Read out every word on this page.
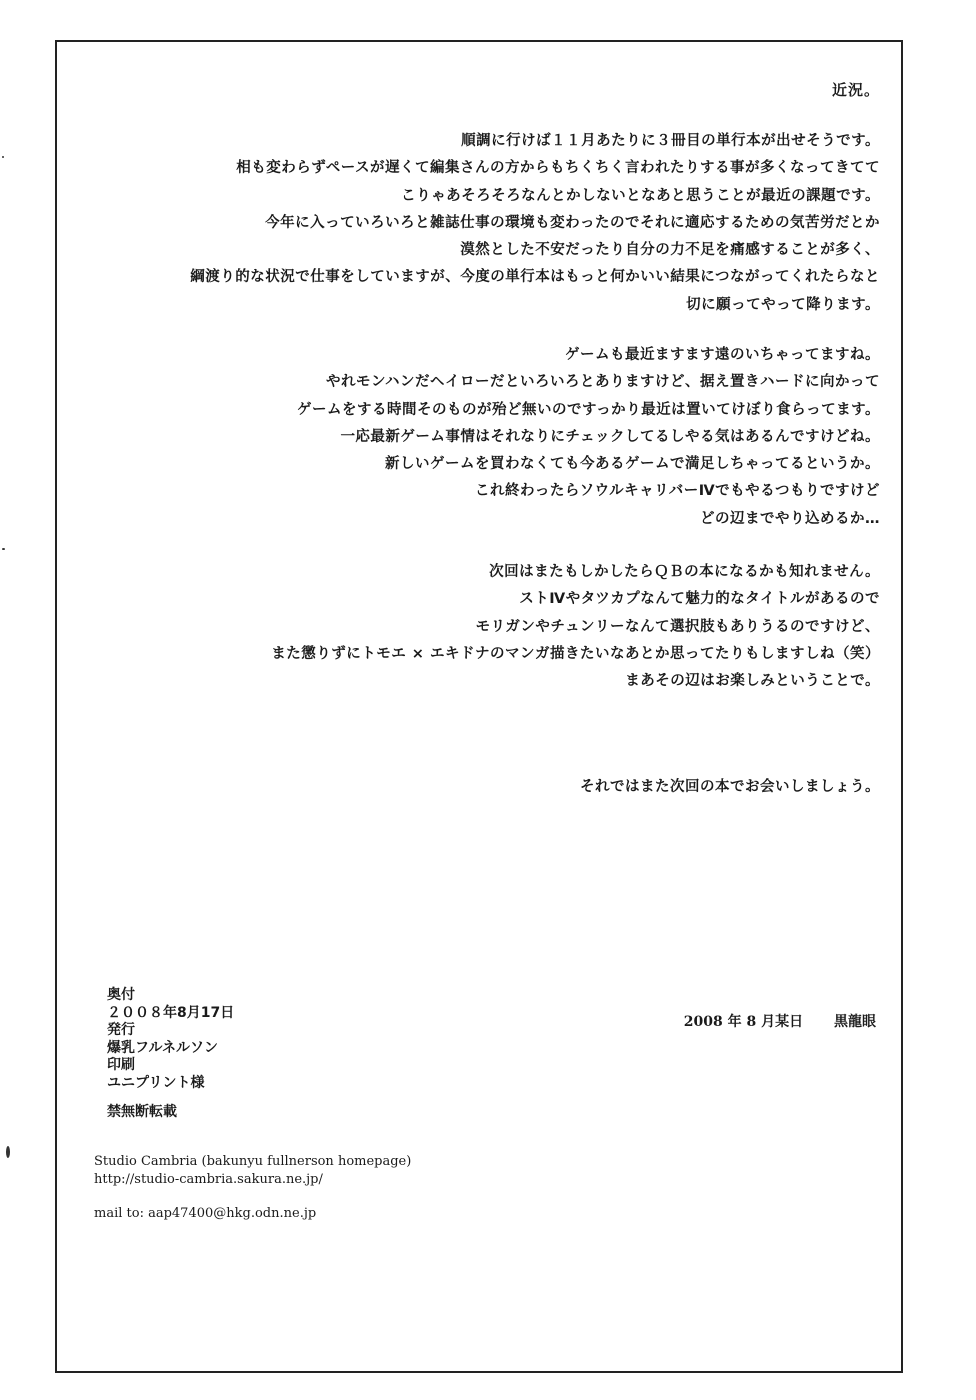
近況。
順調に行けば１１月あたりに３冊目の単行本が出せそうです。
相も変わらずペースが遅くて編集さんの方からもちくちく言われたりする事が多くなってきてて
こりゃあそろそろなんとかしないとなあと思うことが最近の課題です。
今年に入っていろいろと雑誌仕事の環境も変わったのでそれに適応するための気苦労だとか
漠然とした不安だったり自分の力不足を痛感することが多く、
綱渡り的な状況で仕事をしていますが、今度の単行本はもっと何かいい結果につながってくれたらなと
切に願ってやって降ります。
ゲームも最近ますます遠のいちゃってますね。
やれモンハンだヘイローだといろいろとありますけど、据え置きハードに向かって
ゲームをする時間そのものが殆ど無いのですっかり最近は置いてけぼり食らってます。
一応最新ゲーム事情はそれなりにチェックしてるしやる気はあるんですけどね。
新しいゲームを買わなくても今あるゲームで満足しちゃってるというか。
これ終わったらソウルキャリバーⅣでもやるつもりですけど
どの辺までやり込めるか…
次回はまたもしかしたらＱＢの本になるかも知れません。
ストⅣやタツカプなんて魅力的なタイトルがあるので
モリガンやチュンリーなんて選択肢もありうるのですけど、
また懲りずにトモエ × エキドナのマンガ描きたいなあとか思ってたりもしますしね（笑）
まあその辺はお楽しみということで。
それではまた次回の本でお会いしましょう。
2008 年 8 月某日 黒龍眼
奥付
２００８年8月17日
発行
爆乳フルネルソン
印刷
ユニプリント様
禁無断転載
Studio Cambria (bakunyu fullnerson homepage)
http://studio-cambria.sakura.ne.jp/
mail to: aap47400@hkg.odn.ne.jp
